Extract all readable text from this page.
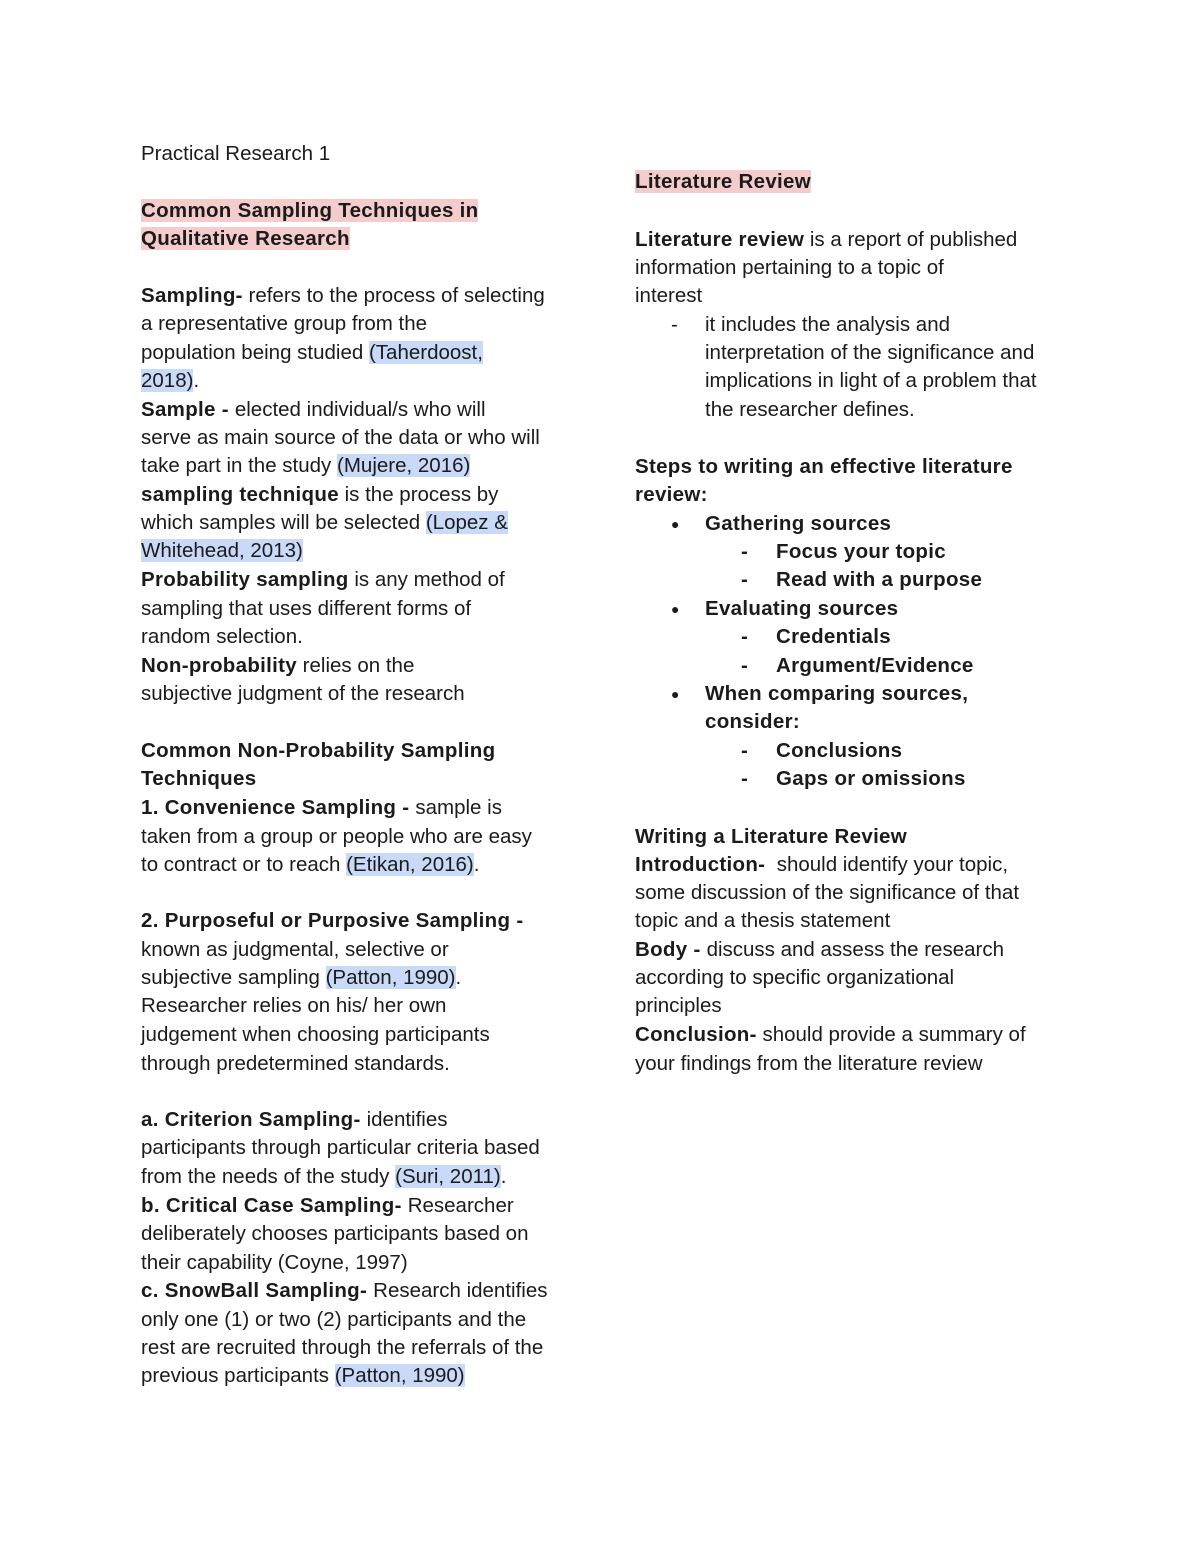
Practical Research 1
Common Sampling Techniques in
Qualitative Research
Sampling- refers to the process of selecting
a representative group from the
population being studied (Taherdoost,
2018).
Sample - elected individual/s who will
serve as main source of the data or who will
take part in the study (Mujere, 2016)
sampling technique is the process by
which samples will be selected (Lopez &
Whitehead, 2013)
Probability sampling is any method of
sampling that uses different forms of
random selection.
Non-probability relies on the
subjective judgment of the research
Common Non-Probability Sampling
Techniques
1. Convenience Sampling - sample is
taken from a group or people who are easy
to contract or to reach (Etikan, 2016).
2. Purposeful or Purposive Sampling -
known as judgmental, selective or
subjective sampling (Patton, 1990).
Researcher relies on his/ her own
judgement when choosing participants
through predetermined standards.
a. Criterion Sampling- identifies
participants through particular criteria based
from the needs of the study (Suri, 2011).
b. Critical Case Sampling- Researcher
deliberately chooses participants based on
their capability (Coyne, 1997)
c. SnowBall Sampling- Research identifies
only one (1) or two (2) participants and the
rest are recruited through the referrals of the
previous participants (Patton, 1990)
Literature Review
Literature review is a report of published
information pertaining to a topic of
interest
- it includes the analysis and
interpretation of the significance and
implications in light of a problem that
the researcher defines.
Steps to writing an effective literature
review:
● Gathering sources
- Focus your topic
- Read with a purpose
● Evaluating sources
- Credentials
- Argument/Evidence
● When comparing sources,
consider:
- Conclusions
- Gaps or omissions
Writing a Literature Review
Introduction-  should identify your topic,
some discussion of the significance of that
topic and a thesis statement
Body - discuss and assess the research
according to specific organizational
principles
Conclusion- should provide a summary of
your findings from the literature review
